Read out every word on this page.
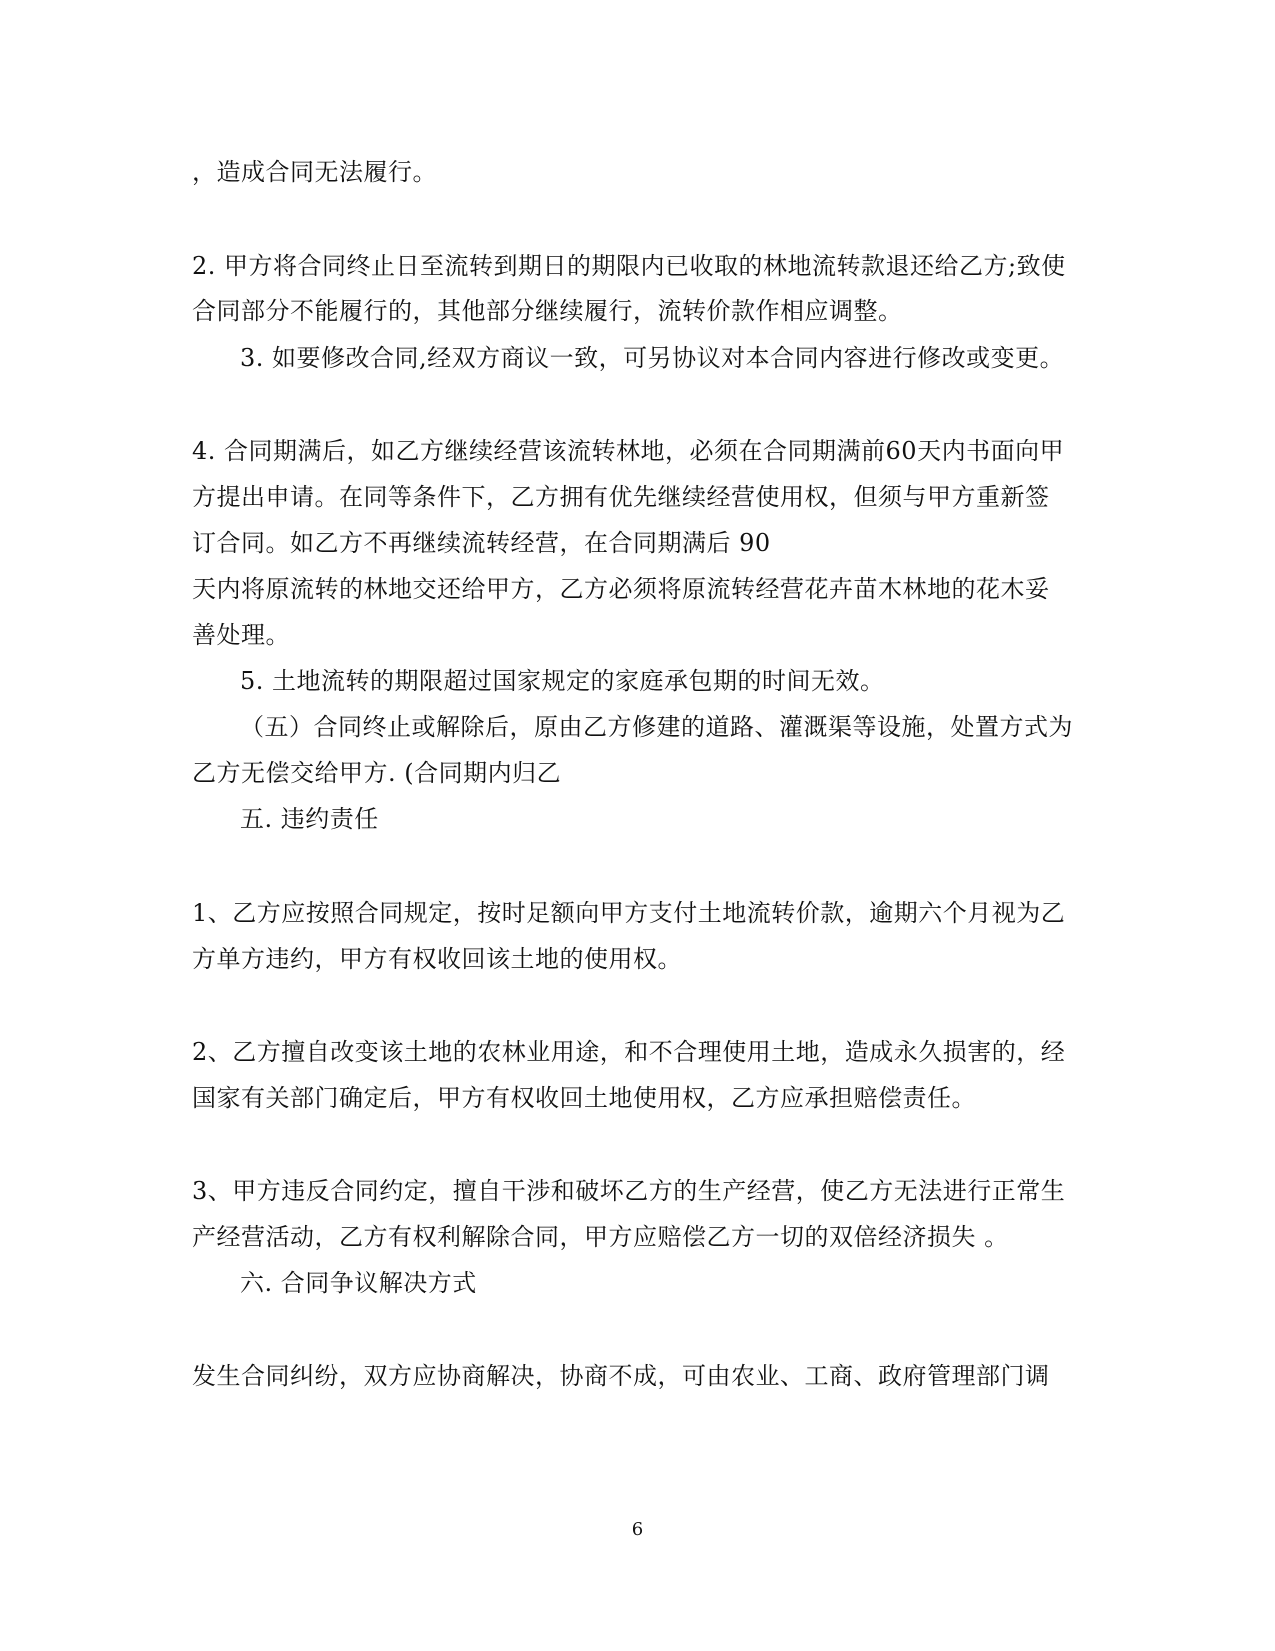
，造成合同无法履行。
2. 甲方将合同终止日至流转到期日的期限内已收取的林地流转款退还给乙方;致使
合同部分不能履行的，其他部分继续履行，流转价款作相应调整。
3. 如要修改合同,经双方商议一致，可另协议对本合同内容进行修改或变更。
4. 合同期满后，如乙方继续经营该流转林地，必须在合同期满前60天内书面向甲
方提出申请。在同等条件下，乙方拥有优先继续经营使用权，但须与甲方重新签
订合同。如乙方不再继续流转经营，在合同期满后 90
天内将原流转的林地交还给甲方，乙方必须将原流转经营花卉苗木林地的花木妥
善处理。
5. 土地流转的期限超过国家规定的家庭承包期的时间无效。
（五）合同终止或解除后，原由乙方修建的道路、灌溉渠等设施，处置方式为
乙方无偿交给甲方. (合同期内归乙
五. 违约责任
1、乙方应按照合同规定，按时足额向甲方支付土地流转价款，逾期六个月视为乙
方单方违约，甲方有权收回该土地的使用权。
2、乙方擅自改变该土地的农林业用途，和不合理使用土地，造成永久损害的，经
国家有关部门确定后，甲方有权收回土地使用权，乙方应承担赔偿责任。
3、甲方违反合同约定，擅自干涉和破坏乙方的生产经营，使乙方无法进行正常生
产经营活动，乙方有权利解除合同，甲方应赔偿乙方一切的双倍经济损失 。
六. 合同争议解决方式
发生合同纠纷，双方应协商解决，协商不成，可由农业、工商、政府管理部门调
6
